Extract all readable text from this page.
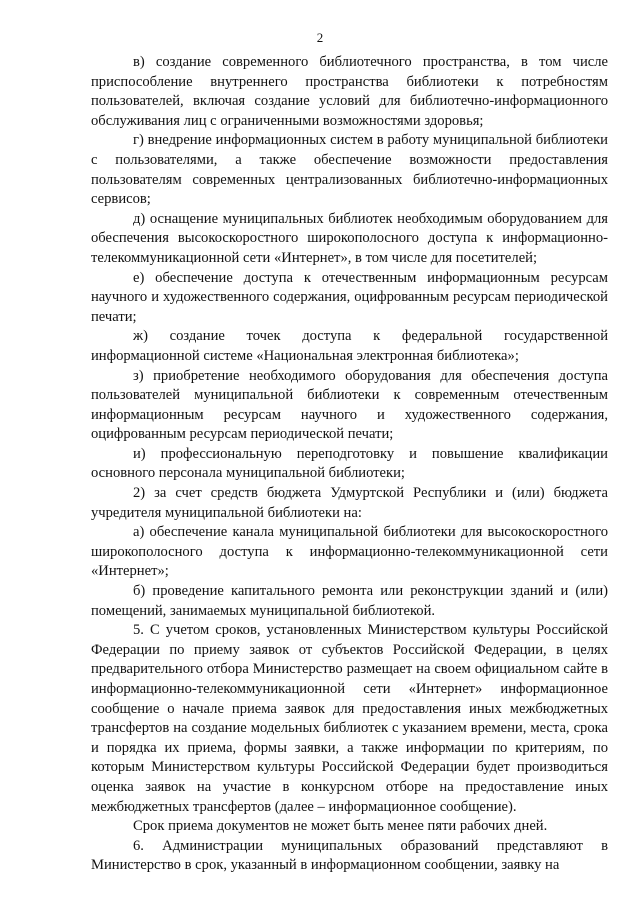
2

в) создание современного библиотечного пространства, в том числе приспособление внутреннего пространства библиотеки к потребностям пользователей, включая создание условий для библиотечно-информационного обслуживания лиц с ограниченными возможностями здоровья;

г) внедрение информационных систем в работу муниципальной библиотеки с пользователями, а также обеспечение возможности предоставления пользователям современных централизованных библиотечно-информационных сервисов;

д) оснащение муниципальных библиотек необходимым оборудованием для обеспечения высокоскоростного широкополосного доступа к информационно-телекоммуникационной сети «Интернет», в том числе для посетителей;

е) обеспечение доступа к отечественным информационным ресурсам научного и художественного содержания, оцифрованным ресурсам периодической печати;

ж) создание точек доступа к федеральной государственной информационной системе «Национальная электронная библиотека»;

з) приобретение необходимого оборудования для обеспечения доступа пользователей муниципальной библиотеки к современным отечественным информационным ресурсам научного и художественного содержания, оцифрованным ресурсам периодической печати;

и) профессиональную переподготовку и повышение квалификации основного персонала муниципальной библиотеки;

2) за счет средств бюджета Удмуртской Республики и (или) бюджета учредителя муниципальной библиотеки на:

а) обеспечение канала муниципальной библиотеки для высокоскоростного широкополосного доступа к информационно-телекоммуникационной сети «Интернет»;

б) проведение капитального ремонта или реконструкции зданий и (или) помещений, занимаемых муниципальной библиотекой.

5. С учетом сроков, установленных Министерством культуры Российской Федерации по приему заявок от субъектов Российской Федерации, в целях предварительного отбора Министерство размещает на своем официальном сайте в информационно-телекоммуникационной сети «Интернет» информационное сообщение о начале приема заявок для предоставления иных межбюджетных трансфертов на создание модельных библиотек с указанием времени, места, срока и порядка их приема, формы заявки, а также информации по критериям, по которым Министерством культуры Российской Федерации будет производиться оценка заявок на участие в конкурсном отборе на предоставление иных межбюджетных трансфертов (далее – информационное сообщение).

Срок приема документов не может быть менее пяти рабочих дней.

6. Администрации муниципальных образований представляют в Министерство в срок, указанный в информационном сообщении, заявку на
